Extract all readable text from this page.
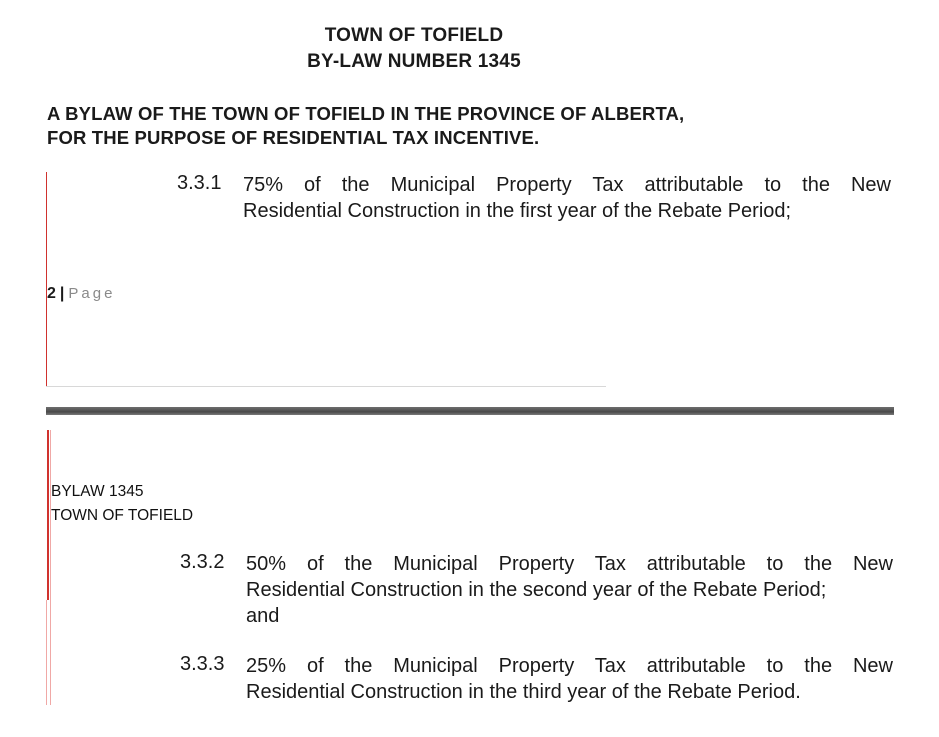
TOWN OF TOFIELD
BY-LAW NUMBER 1345
A BYLAW OF THE TOWN OF TOFIELD IN THE PROVINCE OF ALBERTA,
FOR THE PURPOSE OF RESIDENTIAL TAX INCENTIVE.
3.3.1 75% of the Municipal Property Tax attributable to the New
Residential Construction in the first year of the Rebate Period;
2 | Page
BYLAW 1345
TOWN OF TOFIELD
3.3.2 50% of the Municipal Property Tax attributable to the New
Residential Construction in the second year of the Rebate Period;
and
3.3.3 25% of the Municipal Property Tax attributable to the New
Residential Construction in the third year of the Rebate Period.
